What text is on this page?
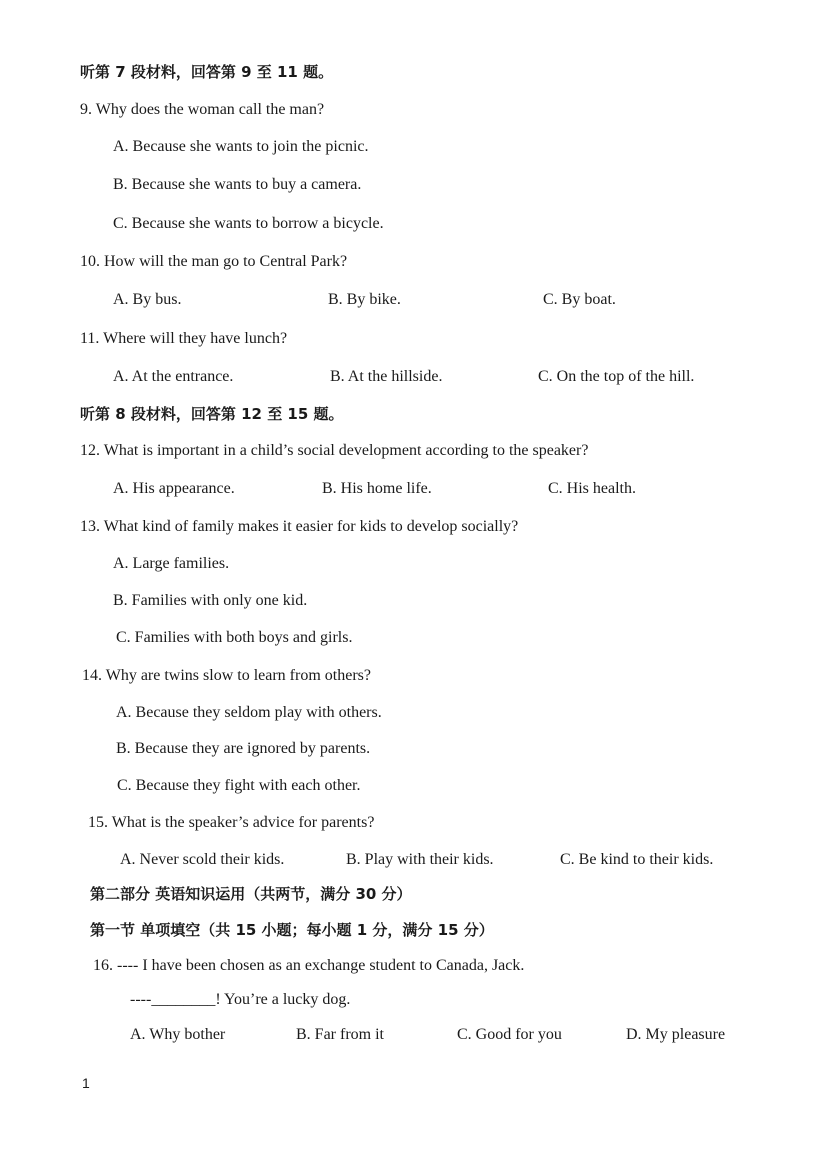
听第 7 段材料，回答第 9 至 11 题。
9. Why does the woman call the man?
A. Because she wants to join the picnic.
B. Because she wants to buy a camera.
C. Because she wants to borrow a bicycle.
10. How will the man go to Central Park?
A. By bus.	B. By bike.	C. By boat.
11. Where will they have lunch?
A. At the entrance.	B. At the hillside.	C. On the top of the hill.
听第 8 段材料，回答第 12 至 15 题。
12. What is important in a child’s social development according to the speaker?
A. His appearance.	B. His home life.	C. His health.
13. What kind of family makes it easier for kids to develop socially?
A. Large families.
B. Families with only one kid.
C. Families with both boys and girls.
14. Why are twins slow to learn from others?
A. Because they seldom play with others.
B. Because they are ignored by parents.
C. Because they fight with each other.
15. What is the speaker’s advice for parents?
A. Never scold their kids.	B. Play with their kids.	C. Be kind to their kids.
第二部分 英语知识运用（共两节，满分 30 分）
第一节 单项填空（共 15 小题；每小题 1 分，满分 15 分）
16. ---- I have been chosen as an exchange student to Canada, Jack.
----________! You’re a lucky dog.
A. Why bother	B. Far from it	C. Good for you	D. My pleasure
1
